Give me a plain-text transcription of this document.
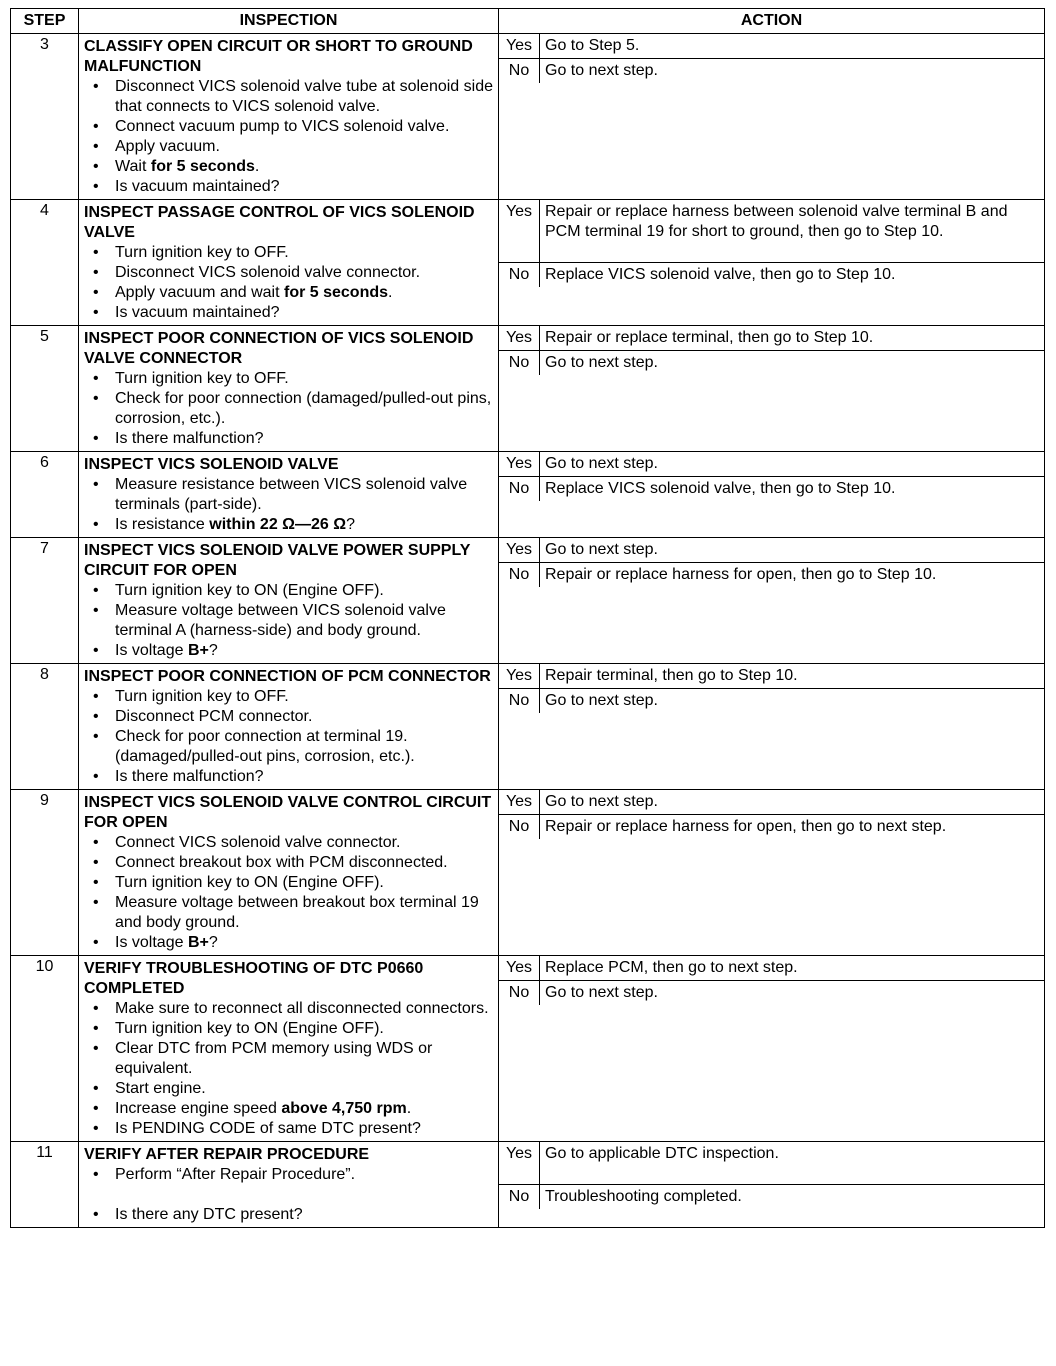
STEP	INSPECTION	ACTION
3	CLASSIFY OPEN CIRCUIT OR SHORT TO GROUND MALFUNCTION
• Disconnect VICS solenoid valve tube at solenoid side that connects to VICS solenoid valve.
• Connect vacuum pump to VICS solenoid valve.
• Apply vacuum.
• Wait for 5 seconds.
• Is vacuum maintained?

Yes	Go to Step 5.
No	Go to next step.

4	INSPECT PASSAGE CONTROL OF VICS SOLENOID VALVE
• Turn ignition key to OFF.
• Disconnect VICS solenoid valve connector.
• Apply vacuum and wait for 5 seconds.
• Is vacuum maintained?

Yes	Repair or replace harness between solenoid valve terminal B and PCM terminal 19 for short to ground, then go to Step 10.
No	Replace VICS solenoid valve, then go to Step 10.

5	INSPECT POOR CONNECTION OF VICS SOLENOID VALVE CONNECTOR
• Turn ignition key to OFF.
• Check for poor connection (damaged/pulled-out pins, corrosion, etc.).
• Is there malfunction?

Yes	Repair or replace terminal, then go to Step 10.
No	Go to next step.

6	INSPECT VICS SOLENOID VALVE
• Measure resistance between VICS solenoid valve terminals (part-side).
• Is resistance within 22 Ω—26 Ω?

Yes	Go to next step.
No	Replace VICS solenoid valve, then go to Step 10.

7	INSPECT VICS SOLENOID VALVE POWER SUPPLY CIRCUIT FOR OPEN
• Turn ignition key to ON (Engine OFF).
• Measure voltage between VICS solenoid valve terminal A (harness-side) and body ground.
• Is voltage B+?

Yes	Go to next step.
No	Repair or replace harness for open, then go to Step 10.

8	INSPECT POOR CONNECTION OF PCM CONNECTOR
• Turn ignition key to OFF.
• Disconnect PCM connector.
• Check for poor connection at terminal 19. (damaged/pulled-out pins, corrosion, etc.).
• Is there malfunction?

Yes	Repair terminal, then go to Step 10.
No	Go to next step.

9	INSPECT VICS SOLENOID VALVE CONTROL CIRCUIT FOR OPEN
• Connect VICS solenoid valve connector.
• Connect breakout box with PCM disconnected.
• Turn ignition key to ON (Engine OFF).
• Measure voltage between breakout box terminal 19 and body ground.
• Is voltage B+?

Yes	Go to next step.
No	Repair or replace harness for open, then go to next step.

10	VERIFY TROUBLESHOOTING OF DTC P0660 COMPLETED
• Make sure to reconnect all disconnected connectors.
• Turn ignition key to ON (Engine OFF).
• Clear DTC from PCM memory using WDS or equivalent.
• Start engine.
• Increase engine speed above 4,750 rpm.
• Is PENDING CODE of same DTC present?

Yes	Replace PCM, then go to next step.
No	Go to next step.

11	VERIFY AFTER REPAIR PROCEDURE
• Perform “After Repair Procedure”.
• Is there any DTC present?

Yes	Go to applicable DTC inspection.
No	Troubleshooting completed.
